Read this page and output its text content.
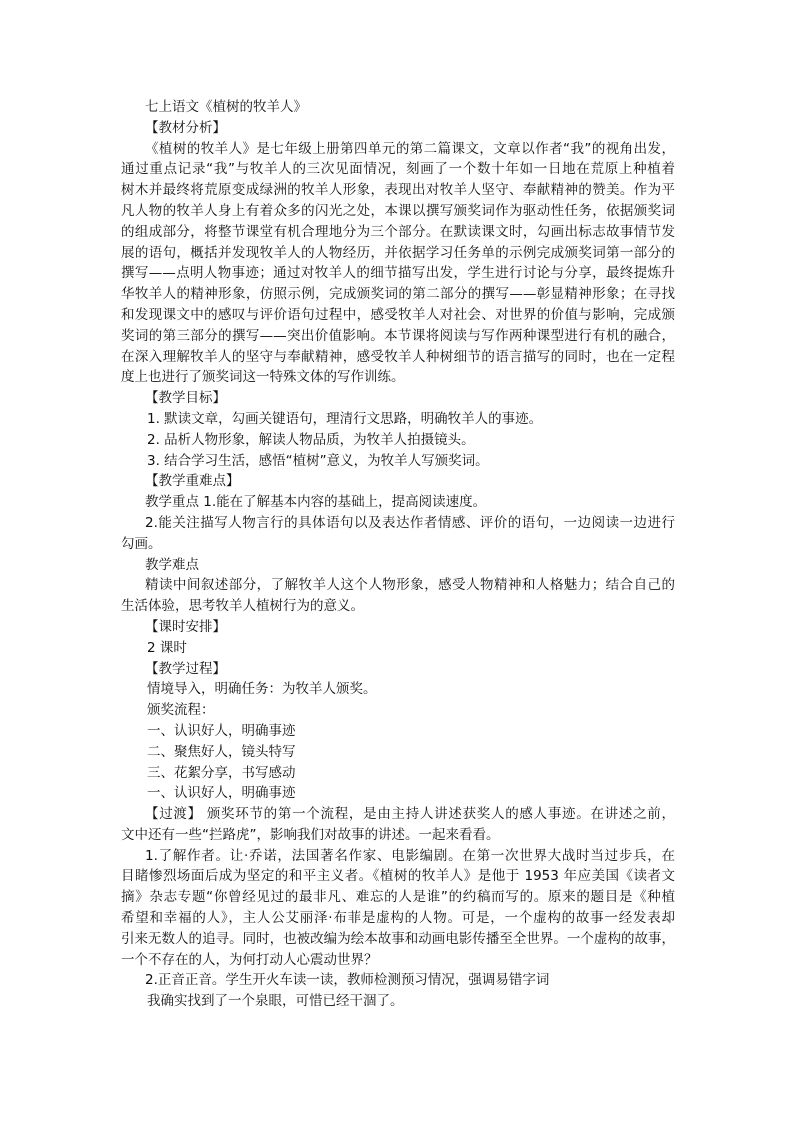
七上语文《植树的牧羊人》

【教材分析】

《植树的牧羊人》是七年级上册第四单元的第二篇课文，文章以作者“我”的视角出发，

通过重点记录“我”与牧羊人的三次见面情况，刻画了一个数十年如一日地在荒原上种植着

树木并最终将荒原变成绿洲的牧羊人形象，表现出对牧羊人坚守、奉献精神的赞美。作为平

凡人物的牧羊人身上有着众多的闪光之处，本课以撰写颁奖词作为驱动性任务，依据颁奖词

的组成部分，将整节课堂有机合理地分为三个部分。在默读课文时，勾画出标志故事情节发

展的语句，概括并发现牧羊人的人物经历，并依据学习任务单的示例完成颁奖词第一部分的

撰写——点明人物事迹；通过对牧羊人的细节描写出发，学生进行讨论与分享，最终提炼升

华牧羊人的精神形象，仿照示例，完成颁奖词的第二部分的撰写——彰显精神形象；在寻找

和发现课文中的感叹与评价语句过程中，感受牧羊人对社会、对世界的价值与影响，完成颁

奖词的第三部分的撰写——突出价值影响。本节课将阅读与写作两种课型进行有机的融合，

在深入理解牧羊人的坚守与奉献精神，感受牧羊人种树细节的语言描写的同时，也在一定程

度上也进行了颁奖词这一特殊文体的写作训练。

【教学目标】

1. 默读文章，勾画关键语句，理清行文思路，明确牧羊人的事迹。

2. 品析人物形象，解读人物品质，为牧羊人拍摄镜头。

3. 结合学习生活，感悟“植树”意义，为牧羊人写颁奖词。

【教学重难点】

教学重点 1.能在了解基本内容的基础上，提高阅读速度。

2.能关注描写人物言行的具体语句以及表达作者情感、评价的语句，一边阅读一边进行

勾画。

教学难点

精读中间叙述部分，了解牧羊人这个人物形象，感受人物精神和人格魅力；结合自己的

生活体验，思考牧羊人植树行为的意义。

【课时安排】

2 课时

【教学过程】

情境导入，明确任务：为牧羊人颁奖。

颁奖流程：

一、认识好人，明确事迹

二、聚焦好人，镜头特写

三、花絮分享，书写感动

一、认识好人，明确事迹

【过渡】 颁奖环节的第一个流程，是由主持人讲述获奖人的感人事迹。在讲述之前，

文中还有一些“拦路虎”，影响我们对故事的讲述。一起来看看。

1.了解作者。让·乔诺，法国著名作家、电影编剧。在第一次世界大战时当过步兵，在

目睹惨烈场面后成为坚定的和平主义者。《植树的牧羊人》是他于 1953 年应美国《读者文

摘》杂志专题“你曾经见过的最非凡、难忘的人是谁”的约稿而写的。原来的题目是《种植

希望和幸福的人》，主人公艾丽泽·布菲是虚构的人物。可是，一个虚构的故事一经发表却

引来无数人的追寻。同时，也被改编为绘本故事和动画电影传播至全世界。一个虚构的故事，

一个不存在的人，为何打动人心震动世界？

2.正音正音。学生开火车读一读，教师检测预习情况，强调易错字词

我确实找到了一个泉眼，可惜已经干涸了。
